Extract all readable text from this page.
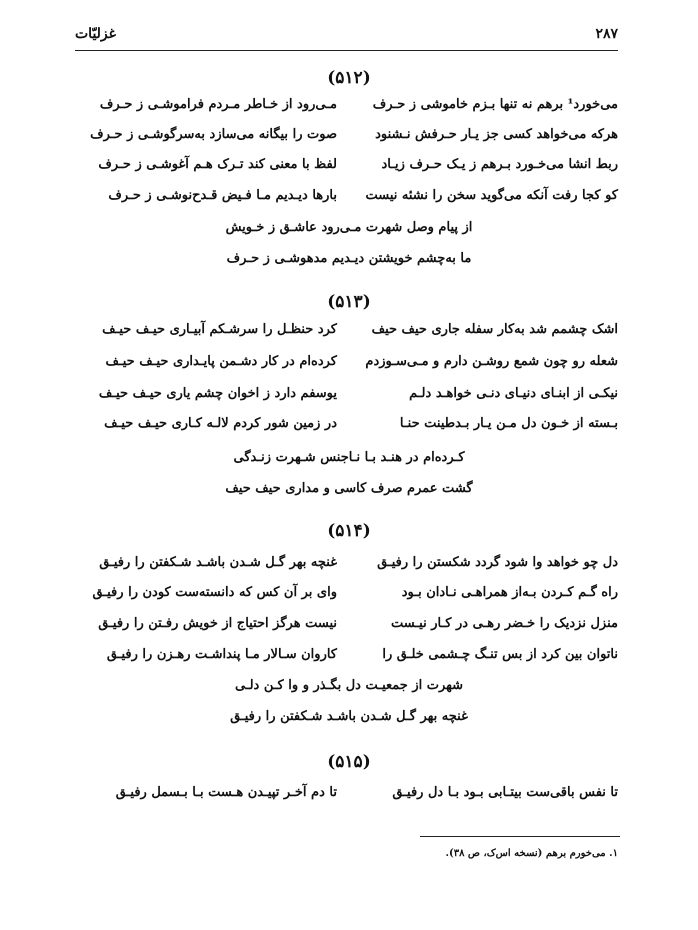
۲۸۷
غزلیّات
(۵۱۲)
می‌خورد¹ برهم نه تنها بـزم خاموشی ز حـرف
مـی‌رود از خـاطر مـردم فراموشـی ز حـرف
هرکه می‌خواهد کسی جز یـار حـرفش نـشنود
صوت را بیگانه می‌سازد به‌سرگوشـی ز حـرف
ربط انشا می‌خـورد بـرهم ز یـک حـرف زیـاد
لفظ با معنی کند تـرک هـم آغوشـی ز حـرف
کو کجا رفت آنکه می‌گوید سخن را نشئه نیست
بارها دیـدیم مـا فـیض قـدح‌نوشـی ز حـرف
از پیام وصل شهرت مـی‌رود عاشـق ز خـویش
ما به‌چشم خویشتن دیـدیم مدهوشـی ز حـرف
(۵۱۳)
اشک چشمم شد به‌کار سفله جاری حیف حیف
کرد حنظـل را سرشـکم آبیـاری حیـف حیـف
شعله رو چون شمع روشـن دارم و مـی‌سـوزدم
کرده‌ام در کار دشـمن پایـداری حیـف حیـف
نیکـی از ابنـای دنیـای دنـی خواهـد دلـم
یوسفم دارد ز اخوان چشم یاری حیـف حیـف
بـسته از خـون دل مـن یـار بـدطینت حنـا
در زمین شور کردم لالـه کـاری حیـف حیـف
کـرده‌ام در هنـد بـا نـاجنس شـهرت زنـدگی
گشت عمرم صرف کاسی و مداری حیف حیف
(۵۱۴)
دل چو خواهد وا شود گردد شکستن را رفیـق
غنچه بهر گـل شـدن باشـد شـکفتن را رفیـق
راه گـم کـردن بـه‌از همراهـی نـادان بـود
وای بر آن کس که دانسته‌ست کودن را رفیـق
منزل نزدیک را خـضر رهـی در کـار نیـست
نیست هرگز احتیاج از خویش رفـتن را رفیـق
ناتوان بین کرد از بس تنـگ چـشمی خلـق را
کاروان سـالار مـا پنداشـت رهـزن را رفیـق
شهرت از جمعیـت دل بگـذر و وا کـن دلـی
غنچه بهر گـل شـدن باشـد شـکفتن را رفیـق
(۵۱۵)
تا نفس باقی‌ست بیتـابی بـود بـا دل رفیـق
تا دم آخـر تپیـدن هـست بـا بـسمل رفیـق
۱. می‌خورم برهم (نسخه اس‌ک، ص ۳۸).
